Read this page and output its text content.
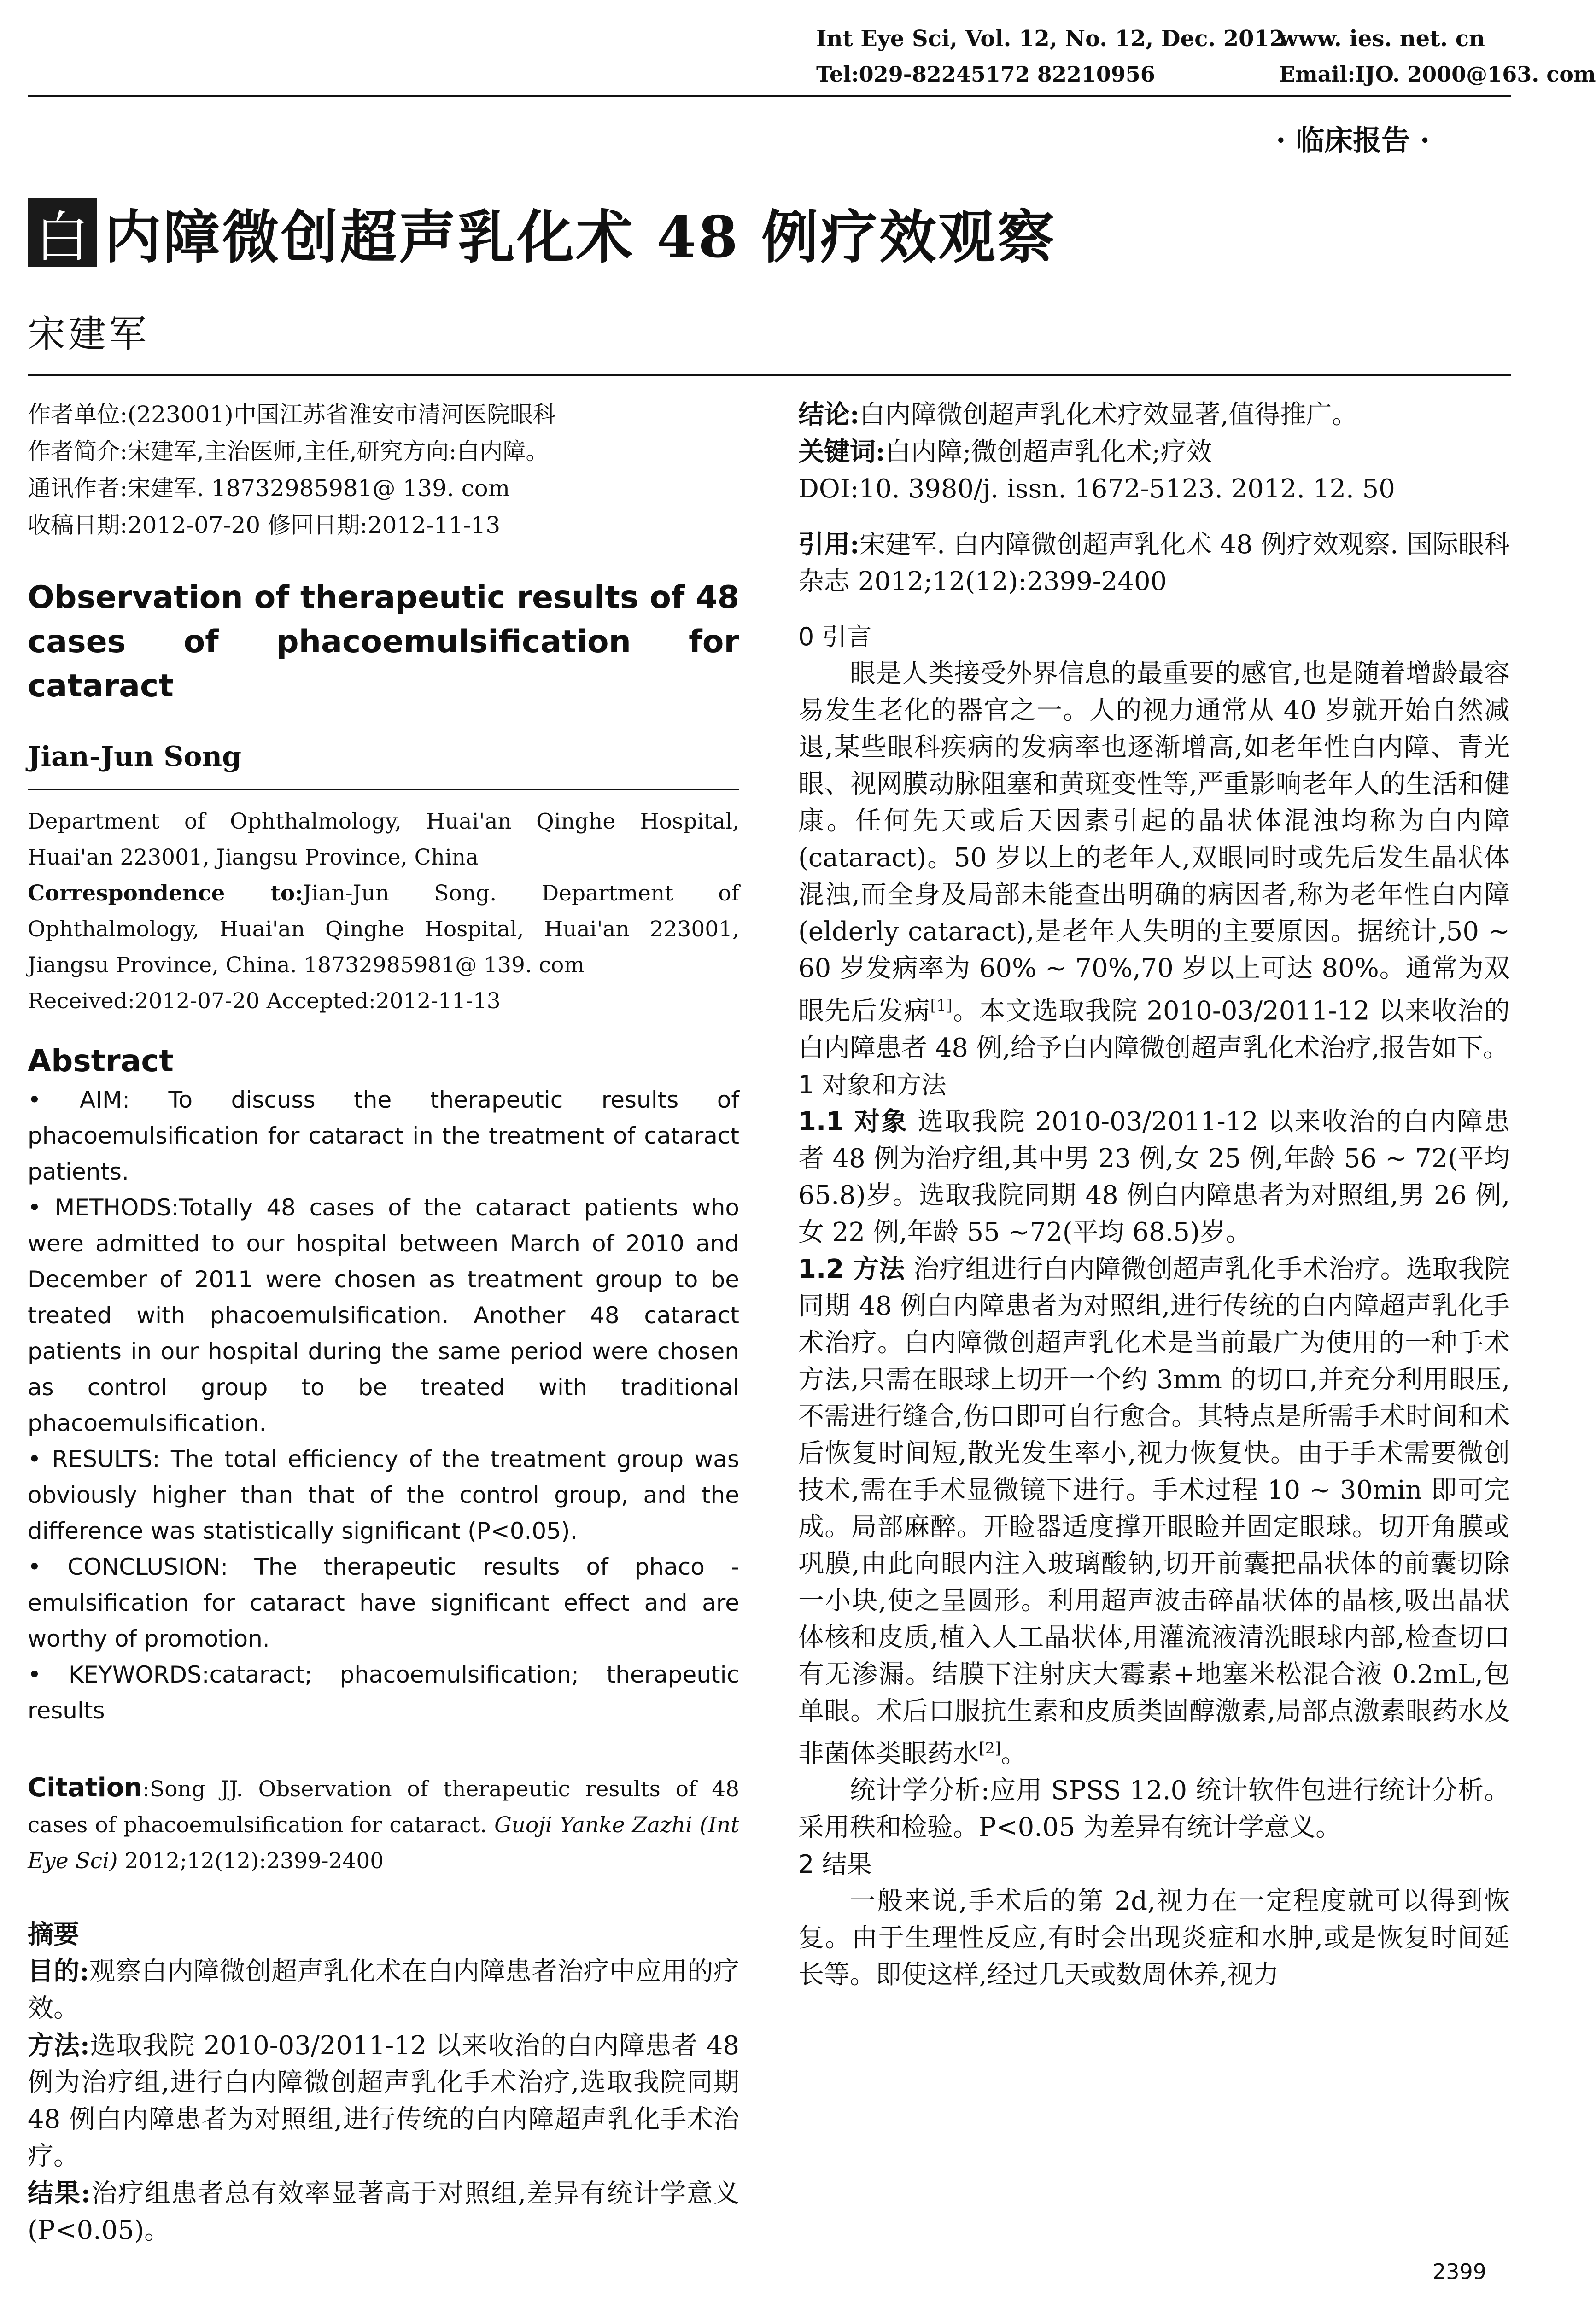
Int Eye Sci, Vol. 12, No. 12, Dec. 2012
www. ies. net. cn
Tel:029-82245172 82210956	Email:IJO. 2000@163. com
· 临床报告 ·
白 内障微创超声乳化术 48 例疗效观察
宋建军
作者单位:(223001)中国江苏省淮安市清河医院眼科
作者简介:宋建军,主治医师,主任,研究方向:白内障。
通讯作者:宋建军. 18732985981@ 139. com
收稿日期:2012-07-20 修回日期:2012-11-13
Observation of therapeutic results of 48 cases of phacoemulsification for cataract
Jian-Jun Song
Department of Ophthalmology, Huai'an Qinghe Hospital, Huai'an 223001, Jiangsu Province, China
Correspondence to:Jian-Jun Song. Department of Ophthalmology, Huai'an Qinghe Hospital, Huai'an 223001, Jiangsu Province, China. 18732985981@ 139. com
Received:2012-07-20 Accepted:2012-11-13
Abstract
• AIM: To discuss the therapeutic results of phacoemulsification for cataract in the treatment of cataract patients.
• METHODS:Totally 48 cases of the cataract patients who were admitted to our hospital between March of 2010 and December of 2011 were chosen as treatment group to be treated with phacoemulsification. Another 48 cataract patients in our hospital during the same period were chosen as control group to be treated with traditional phacoemulsification.
• RESULTS: The total efficiency of the treatment group was obviously higher than that of the control group, and the difference was statistically significant (P<0.05).
• CONCLUSION: The therapeutic results of phaco - emulsification for cataract have significant effect and are worthy of promotion.
• KEYWORDS:cataract; phacoemulsification; therapeutic results
Citation:Song JJ. Observation of therapeutic results of 48 cases of phacoemulsification for cataract. Guoji Yanke Zazhi (Int Eye Sci) 2012;12(12):2399-2400
摘要
目的:观察白内障微创超声乳化术在白内障患者治疗中应用的疗效。
方法:选取我院 2010-03/2011-12 以来收治的白内障患者 48 例为治疗组,进行白内障微创超声乳化手术治疗,选取我院同期 48 例白内障患者为对照组,进行传统的白内障超声乳化手术治疗。
结果:治疗组患者总有效率显著高于对照组,差异有统计学意义(P<0.05)。
结论:白内障微创超声乳化术疗效显著,值得推广。
关键词:白内障;微创超声乳化术;疗效
DOI:10. 3980/j. issn. 1672-5123. 2012. 12. 50
引用:宋建军. 白内障微创超声乳化术 48 例疗效观察. 国际眼科杂志 2012;12(12):2399-2400
0 引言
眼是人类接受外界信息的最重要的感官,也是随着增龄最容易发生老化的器官之一。人的视力通常从 40 岁就开始自然减退,某些眼科疾病的发病率也逐渐增高,如老年性白内障、青光眼、视网膜动脉阻塞和黄斑变性等,严重影响老年人的生活和健康。任何先天或后天因素引起的晶状体混浊均称为白内障(cataract)。50 岁以上的老年人,双眼同时或先后发生晶状体混浊,而全身及局部未能查出明确的病因者,称为老年性白内障(elderly cataract),是老年人失明的主要原因。据统计,50 ~ 60 岁发病率为 60% ~ 70%,70 岁以上可达 80%。通常为双眼先后发病[1]。本文选取我院 2010-03/2011-12 以来收治的白内障患者 48 例,给予白内障微创超声乳化术治疗,报告如下。
1 对象和方法
1.1 对象 选取我院 2010-03/2011-12 以来收治的白内障患者 48 例为治疗组,其中男 23 例,女 25 例,年龄 56 ~ 72(平均 65.8)岁。选取我院同期 48 例白内障患者为对照组,男 26 例,女 22 例,年龄 55 ~72(平均 68.5)岁。
1.2 方法 治疗组进行白内障微创超声乳化手术治疗。选取我院同期 48 例白内障患者为对照组,进行传统的白内障超声乳化手术治疗。白内障微创超声乳化术是当前最广为使用的一种手术方法,只需在眼球上切开一个约 3mm 的切口,并充分利用眼压,不需进行缝合,伤口即可自行愈合。其特点是所需手术时间和术后恢复时间短,散光发生率小,视力恢复快。由于手术需要微创技术,需在手术显微镜下进行。手术过程 10 ~ 30min 即可完成。局部麻醉。开睑器适度撑开眼睑并固定眼球。切开角膜或巩膜,由此向眼内注入玻璃酸钠,切开前囊把晶状体的前囊切除一小块,使之呈圆形。利用超声波击碎晶状体的晶核,吸出晶状体核和皮质,植入人工晶状体,用灌流液清洗眼球内部,检查切口有无渗漏。结膜下注射庆大霉素+地塞米松混合液 0.2mL,包单眼。术后口服抗生素和皮质类固醇激素,局部点激素眼药水及非菌体类眼药水[2]。
统计学分析:应用 SPSS 12.0 统计软件包进行统计分析。采用秩和检验。P<0.05 为差异有统计学意义。
2 结果
一般来说,手术后的第 2d,视力在一定程度就可以得到恢复。由于生理性反应,有时会出现炎症和水肿,或是恢复时间延长等。即使这样,经过几天或数周休养,视力
2399
